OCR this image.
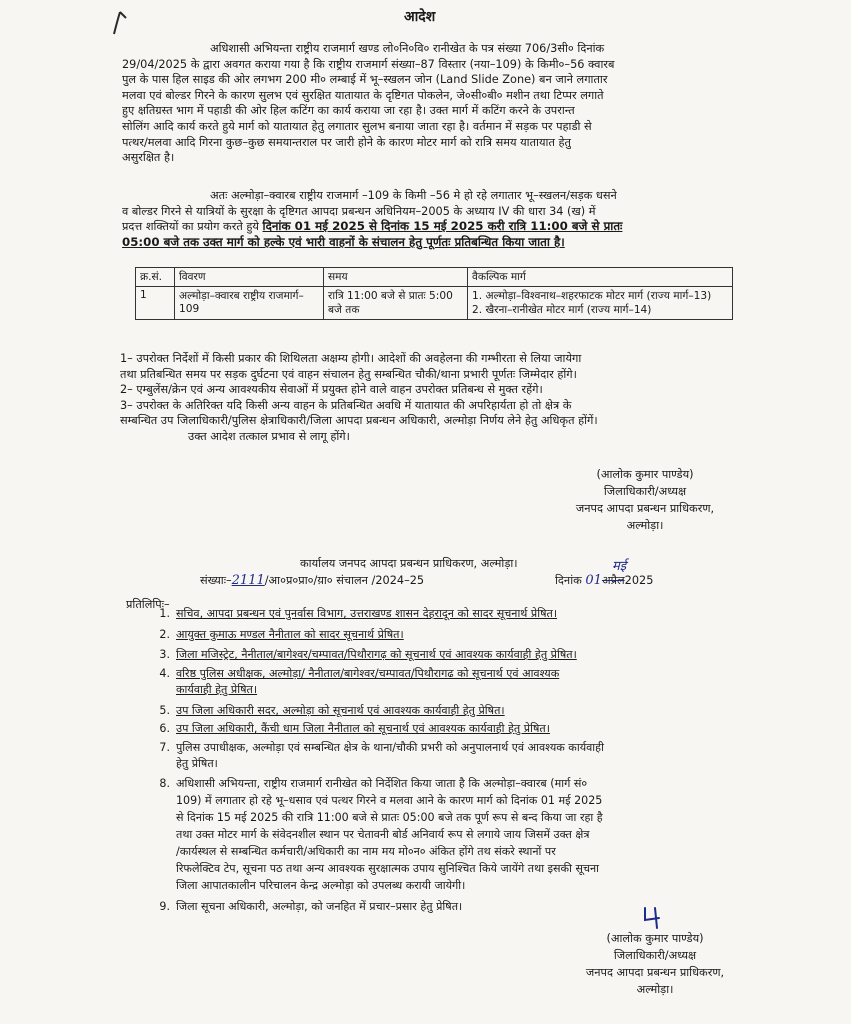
आदेश
अधिशासी अभियन्ता राष्ट्रीय राजमार्ग खण्ड लो०नि०वि० रानीखेत के पत्र संख्या 706/3सी० दिनांक
29/04/2025 के द्वारा अवगत कराया गया है कि राष्ट्रीय राजमार्ग संख्या–87 विस्तार (नया–109) के किमी०–56 क्वारब
पुल के पास हिल साइड की ओर लगभग 200 मी० लम्बाई में भू–स्खलन जोन (Land Slide Zone) बन जाने लगातार
मलवा एवं बोल्डर गिरने के कारण सुलभ एवं सुरक्षित यातायात के दृष्टिगत पोकलेन, जे०सी०बी० मशीन तथा टिप्पर लगाते
हुए क्षतिग्रस्त भाग में पहाडी की ओर हिल कटिंग का कार्य कराया जा रहा है। उक्त मार्ग में कटिंग करने के उपरान्त
सोलिंग आदि कार्य करते हुये मार्ग को यातायात हेतु लगातार सुलभ बनाया जाता रहा है। वर्तमान में सड़क पर पहाडी से
पत्थर/मलवा आदि गिरना कुछ–कुछ समयान्तराल पर जारी होने के कारण मोटर मार्ग को रात्रि समय यातायात हेतु
असुरक्षित है।
अतः अल्मोड़ा–क्वारब राष्ट्रीय राजमार्ग –109 के किमी –56 मे हो रहे लगातार भू–स्खलन/सड़क धसने
व बोल्डर गिरने से यात्रियों के सुरक्षा के दृष्टिगत आपदा प्रबन्धन अधिनियम–2005 के अध्याय IV की धारा 34 (ख) में
प्रदत्त शक्तियों का प्रयोग करते हुये दिनांक 01 मई 2025 से दिनांक 15 मई 2025 करी रात्रि 11:00 बजे से प्रातः
05:00 बजे तक उक्त मार्ग को हल्के एवं भारी वाहनों के संचालन हेतु पूर्णतः प्रतिबन्धित किया जाता है।
क्र.सं.	विवरण	समय	वैकल्पिक मार्ग
1	अल्मोड़ा–क्वारब राष्ट्रीय राजमार्ग–109	रात्रि 11:00 बजे से प्रातः 5:00 बजे तक	1. अल्मोड़ा–विश्वनाथ–शहरफाटक मोटर मार्ग (राज्य मार्ग–13)
2. खैरना–रानीखेत मोटर मार्ग (राज्य मार्ग–14)
1– उपरोक्त निर्देशों में किसी प्रकार की शिथिलता अक्षम्य होगी। आदेशों की अवहेलना की गम्भीरता से लिया जायेगा
तथा प्रतिबन्धित समय पर सड़क दुर्घटना एवं वाहन संचालन हेतु सम्बन्धित चौकी/थाना प्रभारी पूर्णतः जिम्मेदार होंगे।
2– एम्बुलेंस/क्रेन एवं अन्य आवश्यकीय सेवाओं में प्रयुक्त होने वाले वाहन उपरोक्त प्रतिबन्ध से मुक्त रहेंगे।
3– उपरोक्त के अतिरिक्त यदि किसी अन्य वाहन के प्रतिबन्धित अवधि में यातायात की अपरिहार्यता हो तो क्षेत्र के
सम्बन्धित उप जिलाधिकारी/पुलिस क्षेत्राधिकारी/जिला आपदा प्रबन्धन अधिकारी, अल्मोड़ा निर्णय लेने हेतु अधिकृत होंगें।
उक्त आदेश तत्काल प्रभाव से लागू होंगे।
(आलोक कुमार पाण्डेय)
जिलाधिकारी/अध्यक्ष
जनपद आपदा प्रबन्धन प्राधिकरण,
अल्मोड़ा।
कार्यालय जनपद आपदा प्रबन्धन प्राधिकरण, अल्मोड़ा।
संख्याः–2111/आ०प्र०प्रा०/य़ा० संचालन /2024–25	दिनांक 01अप्रैल2025
मई
प्रतिलिपिः–
1. सचिव, आपदा प्रबन्धन एवं पुनर्वास विभाग, उत्तराखण्ड शासन देहरादून को सादर सूचनार्थ प्रेषित।
2. आयुक्त कुमाऊ मण्डल नैनीताल को सादर सूचनार्थ प्रेषित।
3. जिला मजिस्ट्रेट, नैनीताल/बागेश्वर/चम्पावत/पिथौरागढ़ को सूचनार्थ एवं आवश्यक कार्यवाही हेतु प्रेषित।
4. वरिष्ठ पुलिस अधीक्षक, अल्मोड़ा/ नैनीताल/बागेश्वर/चम्पावत/पिथौरागढ को सूचनार्थ एवं आवश्यक
कार्यवाही हेतु प्रेषित।
5. उप जिला अधिकारी सदर, अल्मोड़ा को सूचनार्थ एवं आवश्यक कार्यवाही हेतु प्रेषित।
6. उप जिला अधिकारी, कैंची धाम जिला नैनीताल को सूचनार्थ एवं आवश्यक कार्यवाही हेतु प्रेषित।
7. पुलिस उपाधीक्षक, अल्मोड़ा एवं सम्बन्धित क्षेत्र के थाना/चौकी प्रभरी को अनुपालनार्थ एवं आवश्यक कार्यवाही
हेतु प्रेषित।
8. अधिशासी अभियन्ता, राष्ट्रीय राजमार्ग रानीखेत को निर्देशित किया जाता है कि अल्मोड़ा–क्वारब (मार्ग सं०
109) में लगातार हो रहे भू–धसाव एवं पत्थर गिरने व मलवा आने के कारण मार्ग को दिनांक 01 मई 2025
से दिनांक 15 मई 2025 की रात्रि 11:00 बजे से प्रातः 05:00 बजे तक पूर्ण रूप से बन्द किया जा रहा है
तथा उक्त मोटर मार्ग के संवेदनशील स्थान पर चेतावनी बोर्ड अनिवार्य रूप से लगाये जाय जिसमें उक्त क्षेत्र
/कार्यस्थल से सम्बन्धित कर्मचारी/अधिकारी का नाम मय मो०न० अंकित होंगे तथ संकरे स्थानों पर
रिफलेक्टिव टेप, सूचना पठ तथा अन्य आवश्यक सुरक्षात्मक उपाय सुनिश्चित किये जायेंगे तथा इसकी सूचना
जिला आपातकालीन परिचालन केन्द्र अल्मोड़ा को उपलब्ध करायी जायेगी।
9. जिला सूचना अधिकारी, अल्मोड़ा, को जनहित में प्रचार–प्रसार हेतु प्रेषित।
(आलोक कुमार पाण्डेय)
जिलाधिकारी/अध्यक्ष
जनपद आपदा प्रबन्धन प्राधिकरण,
अल्मोड़ा।
